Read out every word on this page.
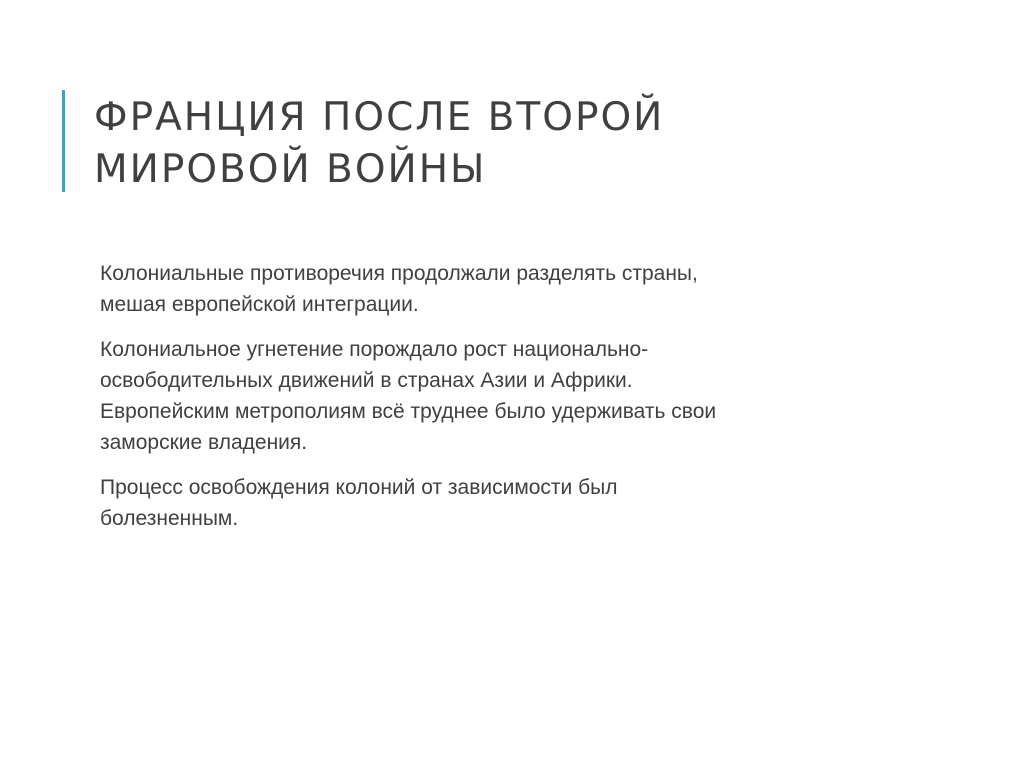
ФРАНЦИЯ ПОСЛЕ ВТОРОЙ
МИРОВОЙ ВОЙНЫ

Колониальные противоречия продолжали разделять страны,
мешая европейской интеграции.

Колониальное угнетение порождало рост национально-
освободительных движений в странах Азии и Африки.
Европейским метрополиям всё труднее было удерживать свои
заморские владения.

Процесс освобождения колоний от зависимости был
болезненным.
